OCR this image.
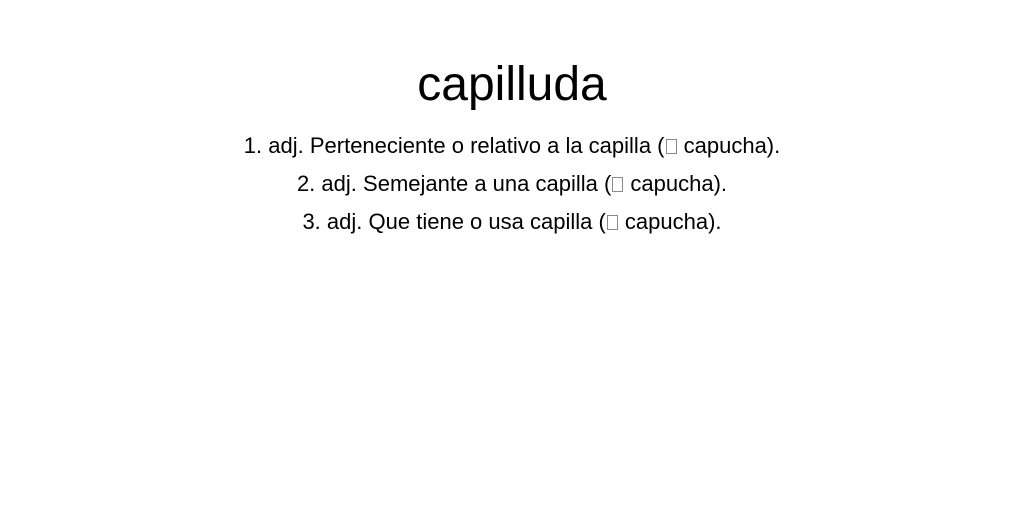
capilluda
1. adj. Perteneciente o relativo a la capilla ( capucha).
2. adj. Semejante a una capilla ( capucha).
3. adj. Que tiene o usa capilla ( capucha).
